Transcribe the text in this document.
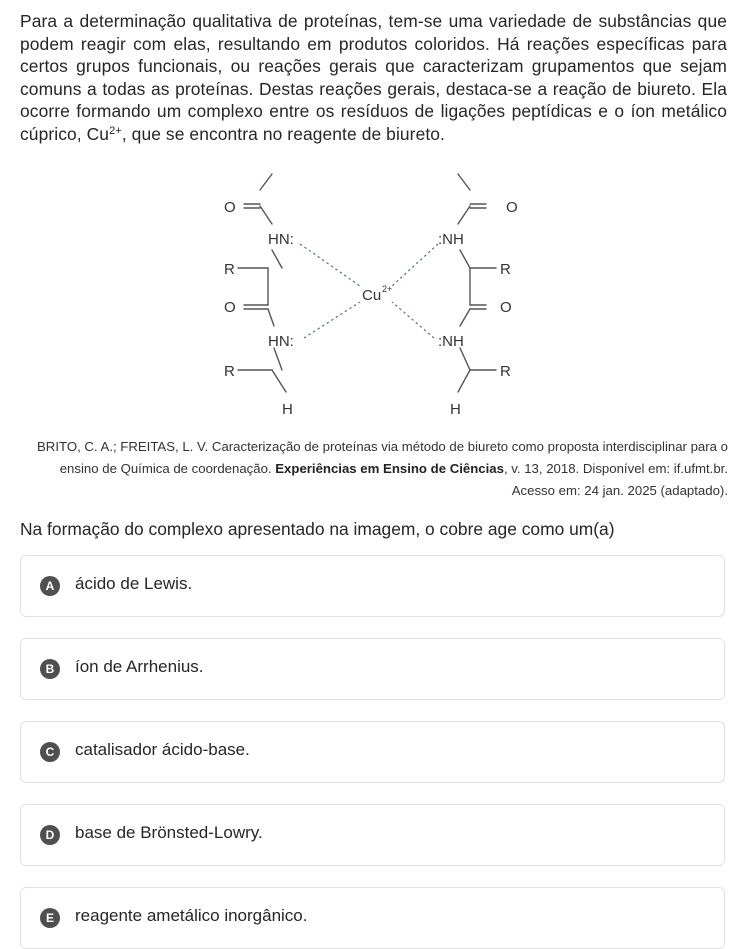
Para a determinação qualitativa de proteínas, tem-se uma variedade de substâncias que podem reagir com elas, resultando em produtos coloridos. Há reações específicas para certos grupos funcionais, ou reações gerais que caracterizam grupamentos que sejam comuns a todas as proteínas. Destas reações gerais, destaca-se a reação de biureto. Ela ocorre formando um complexo entre os resíduos de ligações peptídicas e o íon metálico cúprico, $Cu^{2+}$, que se encontra no reagente de biureto.
O
HN:
R
O
HN:
R
H
O
:NH
R
O
:NH
R
H
Cu 2+
BRITO, C. A.; FREITAS, L. V. Caracterização de proteínas via método de biureto como proposta interdisciplinar para o ensino de Química de coordenação. Experiências em Ensino de Ciências, v. 13, 2018. Disponível em: if.ufmt.br. Acesso em: 24 jan. 2025 (adaptado).
Na formação do complexo apresentado na imagem, o cobre age como um(a)
A	ácido de Lewis.
B	íon de Arrhenius.
C	catalisador ácido-base.
D	base de Brönsted-Lowry.
E	reagente ametálico inorgânico.
